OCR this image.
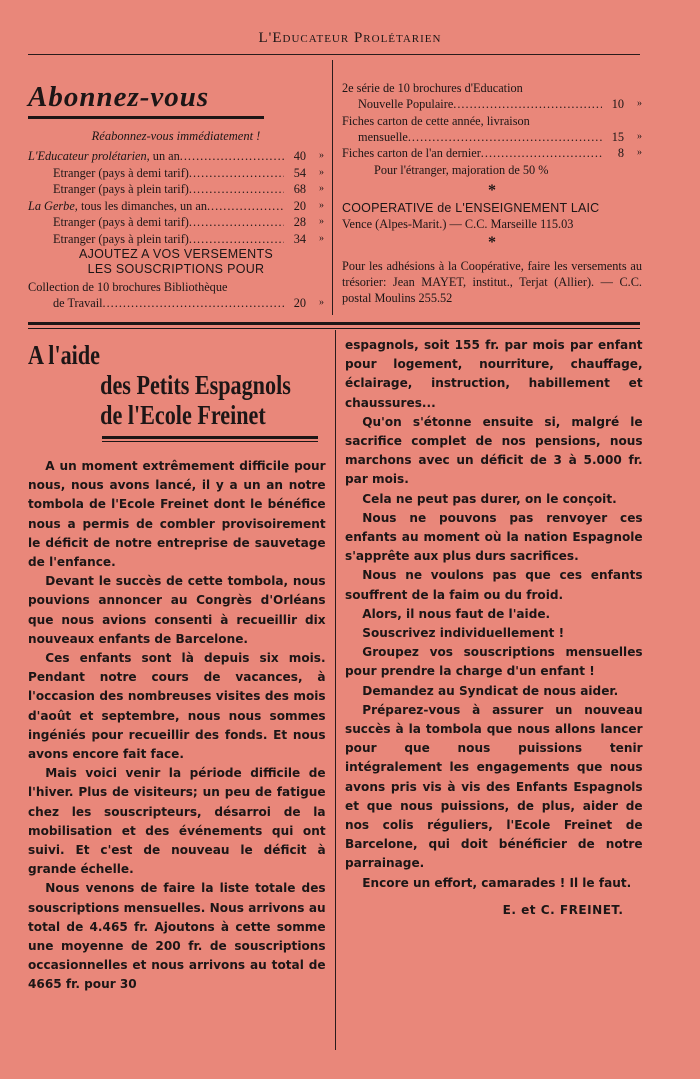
L'Educateur Prolétarien
Abonnez-vous
Réabonnez-vous immédiatement !
L'Educateur prolétarien, un an .....	40	»
Etranger (pays à demi tarif) .....	54	»
Etranger (pays à plein tarif) .....	68	»
La Gerbe, tous les dimanches, un an .....	20	»
Etranger (pays à demi tarif) .....	28	»
Etranger (pays à plein tarif) .....	34	»
AJOUTEZ A VOS VERSEMENTS
LES SOUSCRIPTIONS POUR
Collection de 10 brochures Bibliothèque
de Travail .....	20	»
2e série de 10 brochures d'Education
Nouvelle Populaire .....	10	»
Fiches carton de cette année, livraison
mensuelle .....	15	»
Fiches carton de l'an dernier .....	8	»
Pour l'étranger, majoration de 50 %
*
COOPERATIVE de L'ENSEIGNEMENT LAIC
Vence (Alpes-Marit.) — C.C. Marseille 115.03
*
Pour les adhésions à la Coopérative, faire les versements au trésorier: Jean MAYET, institut., Terjat (Allier). — C.C. postal Moulins 255.52
A l'aide
des Petits Espagnols
de l'Ecole Freinet

A un moment extrêmement difficile pour nous, nous avons lancé, il y a un an notre tombola de l'Ecole Freinet dont le bénéfice nous a permis de combler provisoirement le déficit de notre entreprise de sauvetage de l'enfance.

Devant le succès de cette tombola, nous pouvions annoncer au Congrès d'Orléans que nous avions consenti à recueillir dix nouveaux enfants de Barcelone.

Ces enfants sont là depuis six mois. Pendant notre cours de vacances, à l'occasion des nombreuses visites des mois d'août et septembre, nous nous sommes ingéniés pour recueillir des fonds. Et nous avons encore fait face.

Mais voici venir la période difficile de l'hiver. Plus de visiteurs; un peu de fatigue chez les souscripteurs, désarroi de la mobilisation et des événements qui ont suivi. Et c'est de nouveau le déficit à grande échelle.

Nous venons de faire la liste totale des souscriptions mensuelles. Nous arrivons au total de 4.465 fr. Ajoutons à cette somme une moyenne de 200 fr. de souscriptions occasionnelles et nous arrivons au total de 4665 fr. pour 30

espagnols, soit 155 fr. par mois par enfant pour logement, nourriture, chauffage, éclairage, instruction, habillement et chaussures...

Qu'on s'étonne ensuite si, malgré le sacrifice complet de nos pensions, nous marchons avec un déficit de 3 à 5.000 fr. par mois.

Cela ne peut pas durer, on le conçoit.

Nous ne pouvons pas renvoyer ces enfants au moment où la nation Espagnole s'apprête aux plus durs sacrifices.

Nous ne voulons pas que ces enfants souffrent de la faim ou du froid.

Alors, il nous faut de l'aide.

Souscrivez individuellement !

Groupez vos souscriptions mensuelles pour prendre la charge d'un enfant !

Demandez au Syndicat de nous aider.

Préparez-vous à assurer un nouveau succès à la tombola que nous allons lancer pour que nous puissions tenir intégralement les engagements que nous avons pris vis à vis des Enfants Espagnols et que nous puissions, de plus, aider de nos colis réguliers, l'Ecole Freinet de Barcelone, qui doit bénéficier de notre parrainage.

Encore un effort, camarades ! Il le faut.

E. et C. FREINET.
